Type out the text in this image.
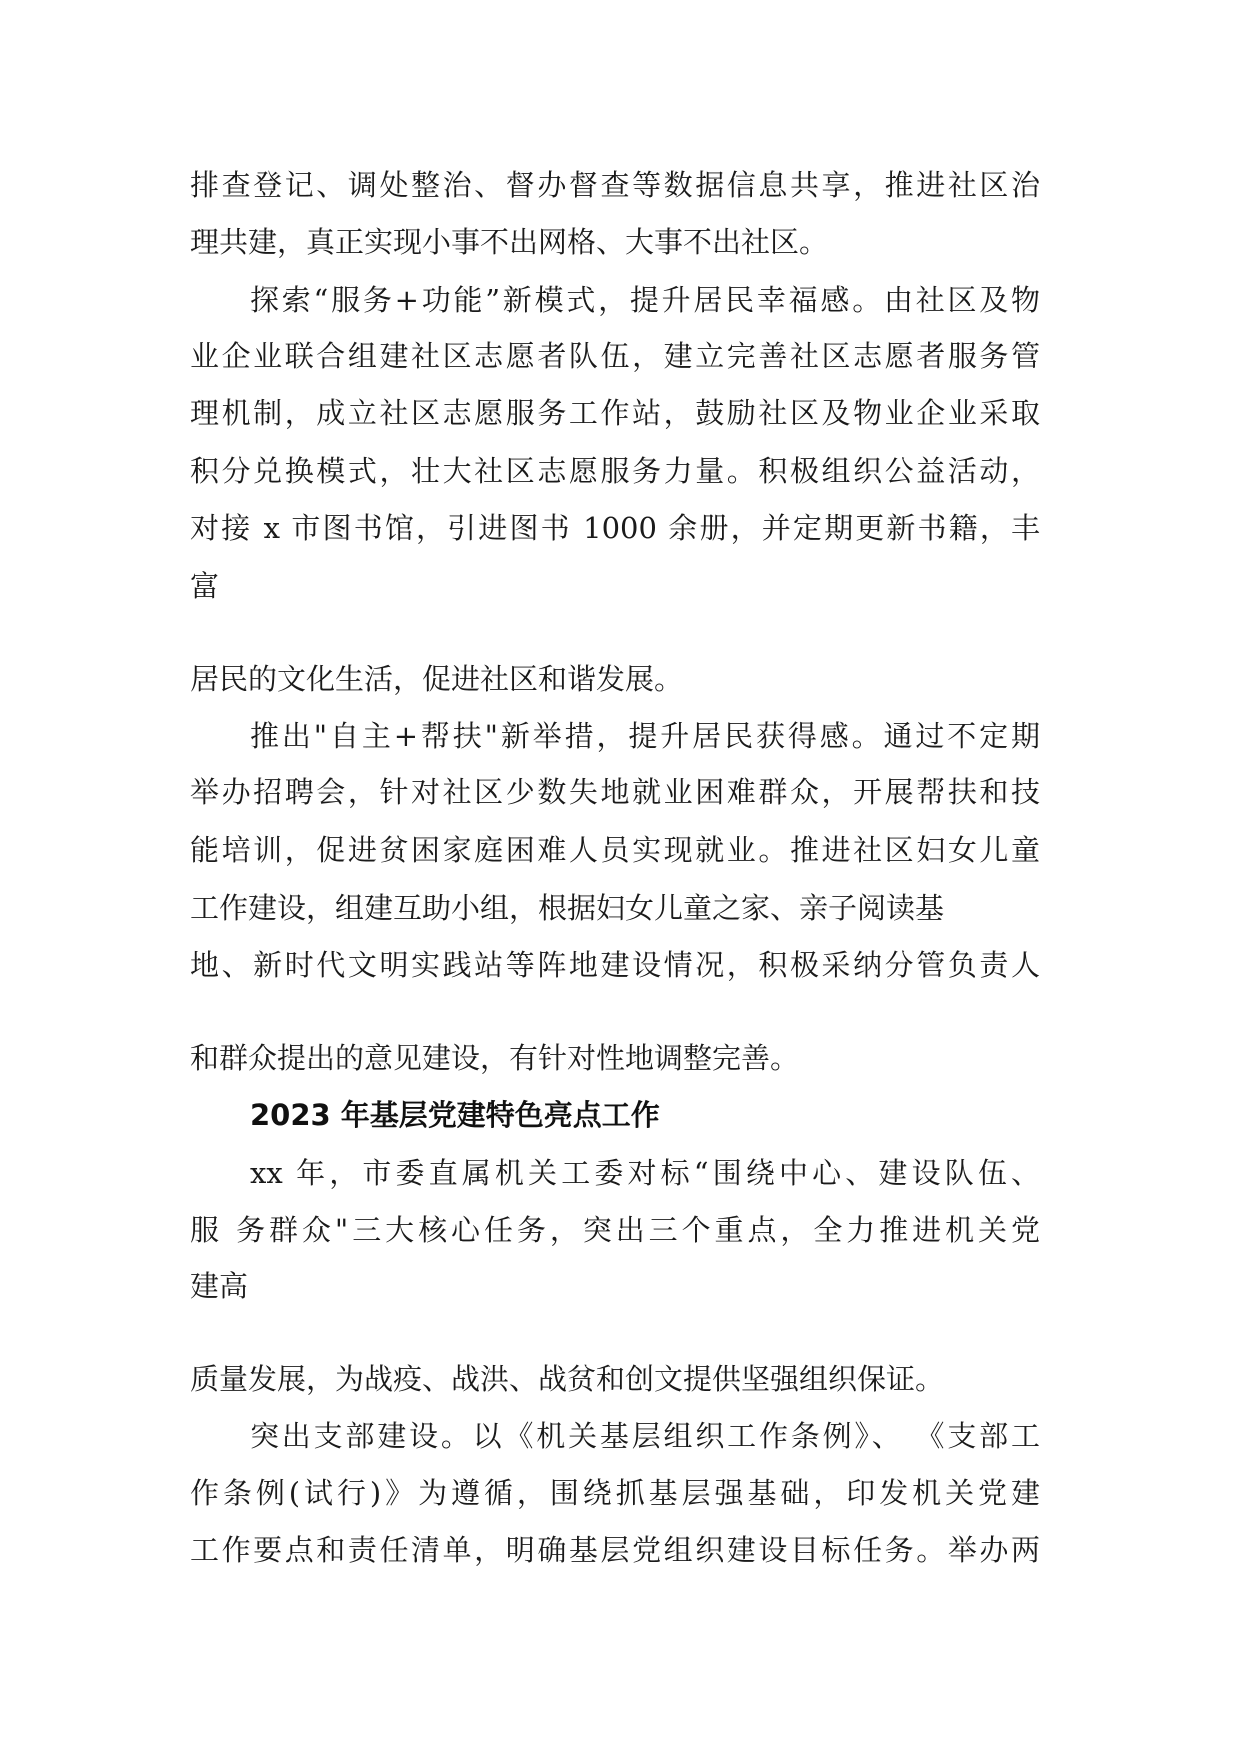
排查登记、调处整治、督办督查等数据信息共享，推进社区治
理共建，真正实现小事不出网格、大事不出社区。
探索“服务+功能”新模式，提升居民幸福感。由社区及物
业企业联合组建社区志愿者队伍，建立完善社区志愿者服务管
理机制，成立社区志愿服务工作站，鼓励社区及物业企业采取
积分兑换模式，壮大社区志愿服务力量。积极组织公益活动，
对接 x 市图书馆，引进图书 1000 余册，并定期更新书籍，丰
富
居民的文化生活，促进社区和谐发展。
推出"自主+帮扶"新举措，提升居民获得感。通过不定期
举办招聘会，针对社区少数失地就业困难群众，开展帮扶和技
能培训，促进贫困家庭困难人员实现就业。推进社区妇女儿童
工作建设，组建互助小组，根据妇女儿童之家、亲子阅读基
地、新时代文明实践站等阵地建设情况，积极采纳分管负责人
和群众提出的意见建设，有针对性地调整完善。
2023 年基层党建特色亮点工作
xx 年，市委直属机关工委对标“围绕中心、建设队伍、
服 务群众"三大核心任务，突出三个重点，全力推进机关党
建高
质量发展，为战疫、战洪、战贫和创文提供坚强组织保证。
突出支部建设。以《机关基层组织工作条例》、 《支部工
作条例(试行)》为遵循，围绕抓基层强基础，印发机关党建
工作要点和责任清单，明确基层党组织建设目标任务。举办两
